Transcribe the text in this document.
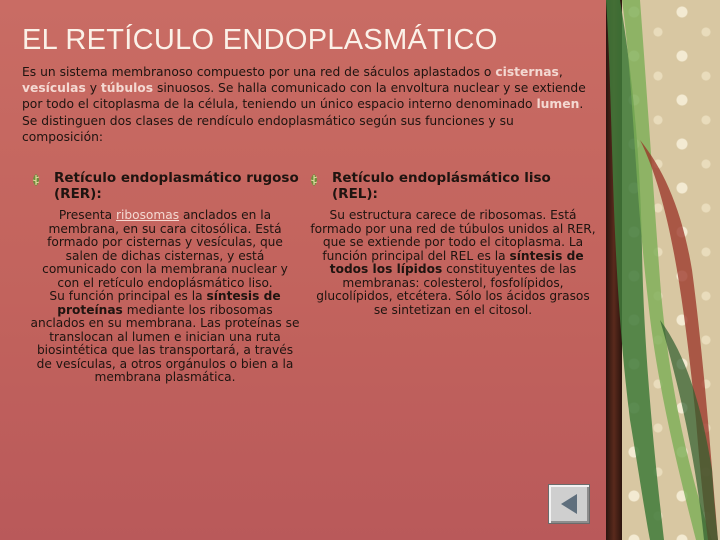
EL RETÍCULO ENDOPLASMÁTICO

Es un sistema membranoso compuesto por una red de sáculos aplastados o cisternas, vesículas y túbulos sinuosos. Se halla comunicado con la envoltura nuclear y se extiende por todo el citoplasma de la célula, teniendo un único espacio interno denominado lumen. Se distinguen dos clases de rendículo endoplasmático según sus funciones y su composición:

Retículo endoplasmático rugoso (RER):
Presenta ribosomas anclados en la membrana, en su cara citosólica. Está formado por cisternas y vesículas, que salen de dichas cisternas, y está comunicado con la membrana nuclear y con el retículo endoplásmático liso.
Su función principal es la síntesis de proteínas mediante los ribosomas anclados en su membrana. Las proteínas se translocan al lumen e inician una ruta biosintética que las transportará, a través de vesículas, a otros orgánulos o bien a la membrana plasmática.
Retículo endoplásmático liso (REL):
Su estructura carece de ribosomas. Está formado por una red de túbulos unidos al RER, que se extiende por todo el citoplasma. La función principal del REL es la síntesis de todos los lípidos constituyentes de las membranas: colesterol, fosfolípidos, glucolípidos, etcétera. Sólo los ácidos grasos se sintetizan en el citosol.
